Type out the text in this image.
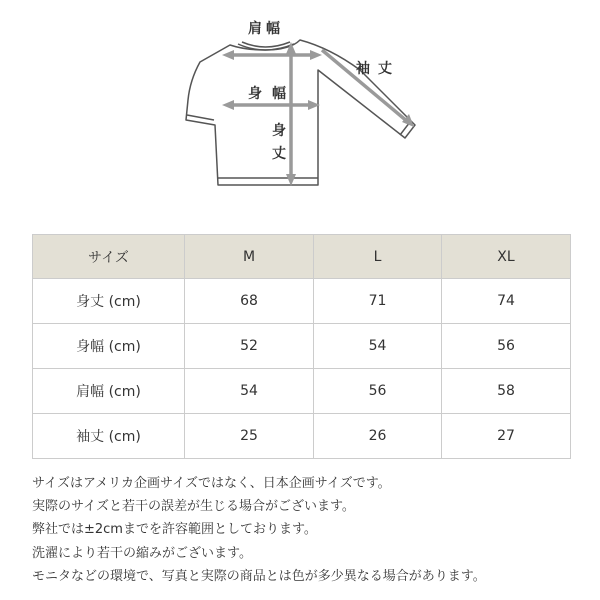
肩幅
身幅
袖丈
身
丈
サイズ	M	L	XL
身丈 (cm)	68	71	74
身幅 (cm)	52	54	56
肩幅 (cm)	54	56	58
袖丈 (cm)	25	26	27
サイズはアメリカ企画サイズではなく、日本企画サイズです。
実際のサイズと若干の誤差が生じる場合がございます。
弊社では±2cmまでを許容範囲としております。
洗濯により若干の縮みがございます。
モニタなどの環境で、写真と実際の商品とは色が多少異なる場合があります。
